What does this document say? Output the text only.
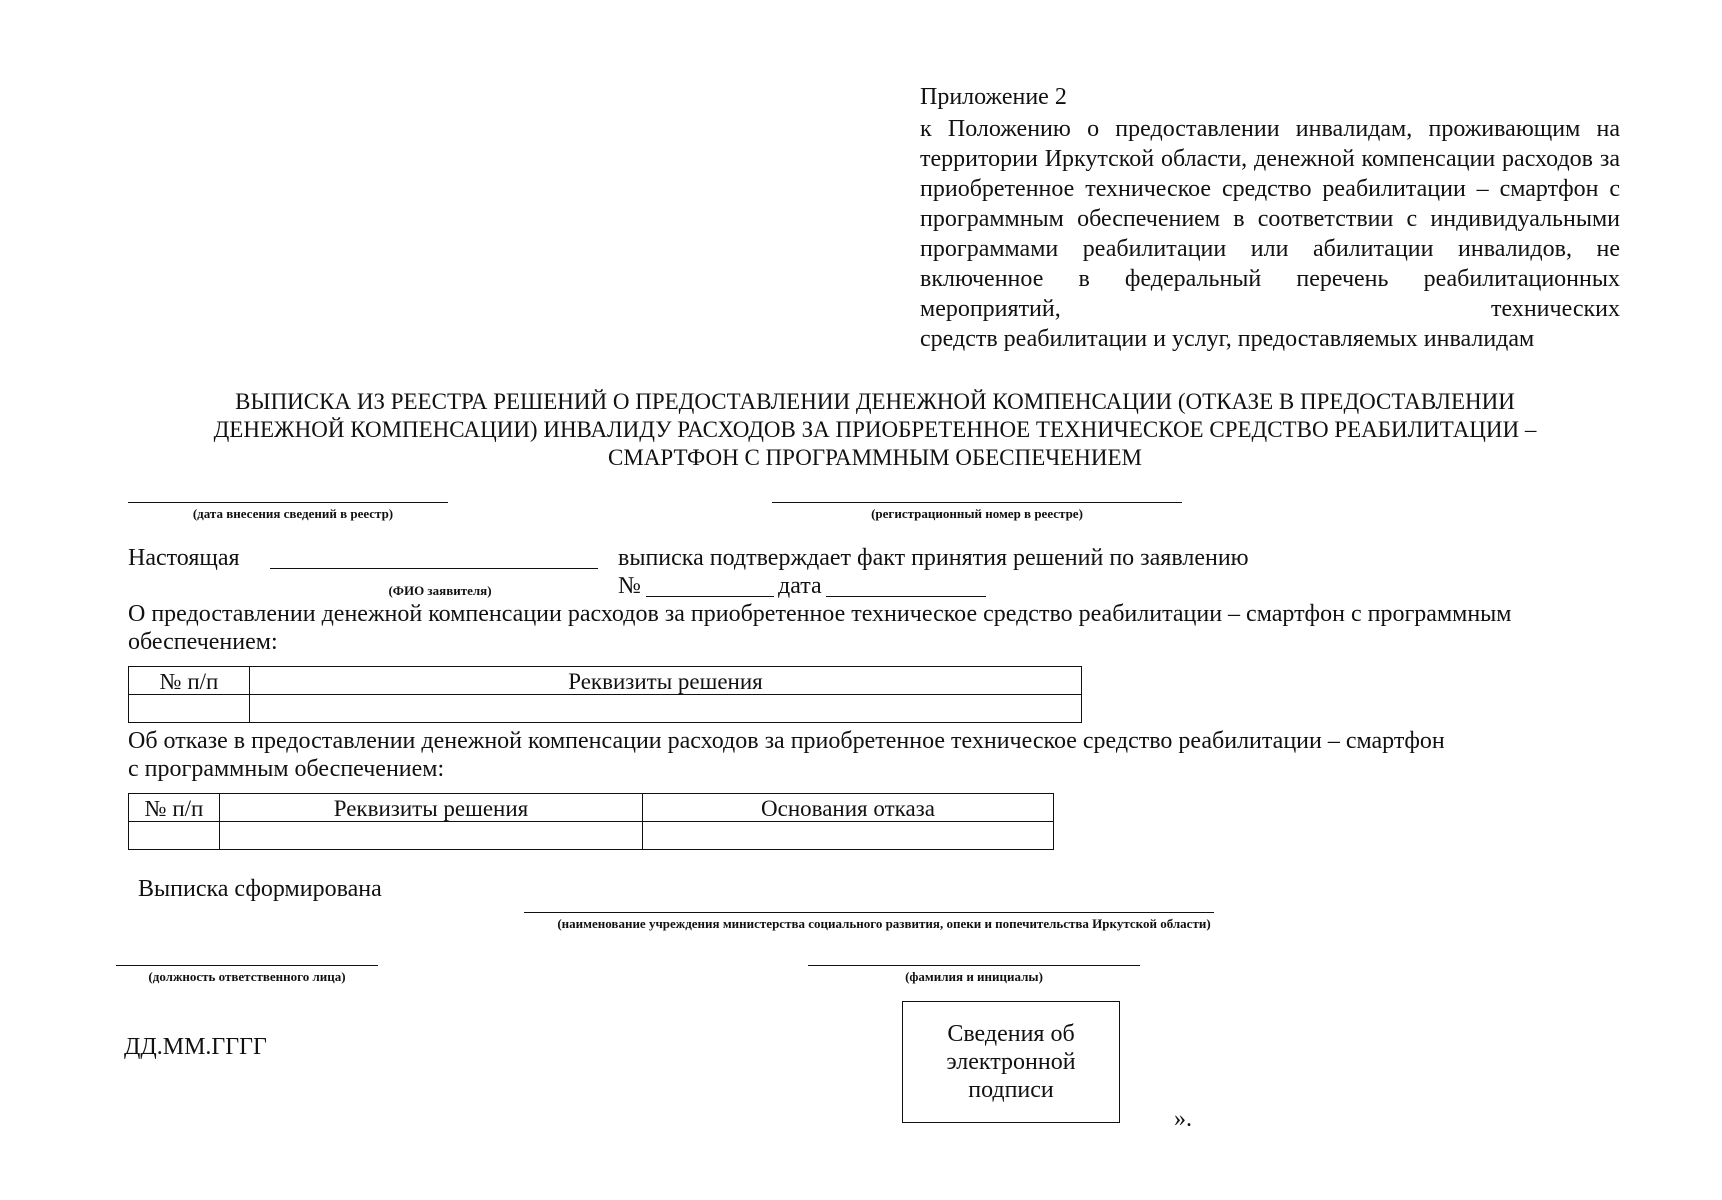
Приложение 2
к Положению о предоставлении инвалидам, проживающим на территории Иркутской области, денежной компенсации расходов за приобретенное техническое средство реабилитации – смартфон с программным обеспечением в соответствии с индивидуальными программами реабилитации или абилитации инвалидов, не включенное в федеральный перечень реабилитационных мероприятий, технических
средств реабилитации и услуг, предоставляемых инвалидам
ВЫПИСКА ИЗ РЕЕСТРА РЕШЕНИЙ О ПРЕДОСТАВЛЕНИИ ДЕНЕЖНОЙ КОМПЕНСАЦИИ (ОТКАЗЕ В ПРЕДОСТАВЛЕНИИ
ДЕНЕЖНОЙ КОМПЕНСАЦИИ) ИНВАЛИДУ РАСХОДОВ ЗА ПРИОБРЕТЕННОЕ ТЕХНИЧЕСКОЕ СРЕДСТВО РЕАБИЛИТАЦИИ –
СМАРТФОН С ПРОГРАММНЫМ ОБЕСПЕЧЕНИЕМ
(дата внесения сведений в реестр)	(регистрационный номер в реестре)
Настоящая
(ФИО заявителя)
выписка подтверждает факт принятия решений по заявлению
№	дата
О предоставлении денежной компенсации расходов за приобретенное техническое средство реабилитации – смартфон с программным
обеспечением:
№ п/п	Реквизиты решения

Об отказе в предоставлении денежной компенсации расходов за приобретенное техническое средство реабилитации – смартфон
с программным обеспечением:
№ п/п	Реквизиты решения	Основания отказа

Выписка сформирована
(наименование учреждения министерства социального развития, опеки и попечительства Иркутской области)
(должность ответственного лица)	(фамилия и инициалы)
ДД.ММ.ГГГГ	Сведения об электронной подписи
».
